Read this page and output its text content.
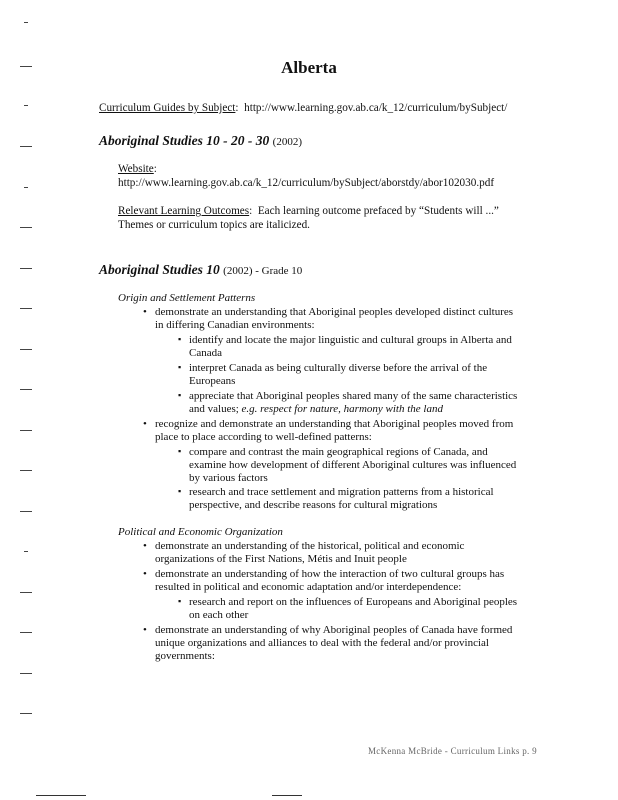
Alberta
Curriculum Guides by Subject:  http://www.learning.gov.ab.ca/k_12/curriculum/bySubject/
Aboriginal Studies 10 - 20 - 30 (2002)
Website:
http://www.learning.gov.ab.ca/k_12/curriculum/bySubject/aborstdy/abor102030.pdf
Relevant Learning Outcomes:  Each learning outcome prefaced by “Students will ...”
Themes or curriculum topics are italicized.
Aboriginal Studies 10 (2002) - Grade 10
Origin and Settlement Patterns
• demonstrate an understanding that Aboriginal peoples developed distinct cultures
in differing Canadian environments:
▪ identify and locate the major linguistic and cultural groups in Alberta and
Canada
▪ interpret Canada as being culturally diverse before the arrival of the
Europeans
▪ appreciate that Aboriginal peoples shared many of the same characteristics
and values; e.g. respect for nature, harmony with the land
• recognize and demonstrate an understanding that Aboriginal peoples moved from
place to place according to well-defined patterns:
▪ compare and contrast the main geographical regions of Canada, and
examine how development of different Aboriginal cultures was influenced
by various factors
▪ research and trace settlement and migration patterns from a historical
perspective, and describe reasons for cultural migrations
Political and Economic Organization
• demonstrate an understanding of the historical, political and economic
organizations of the First Nations, Métis and Inuit people
• demonstrate an understanding of how the interaction of two cultural groups has
resulted in political and economic adaptation and/or interdependence:
▪ research and report on the influences of Europeans and Aboriginal peoples
on each other
• demonstrate an understanding of why Aboriginal peoples of Canada have formed
unique organizations and alliances to deal with the federal and/or provincial
governments:
McKenna McBride - Curriculum Links p. 9
